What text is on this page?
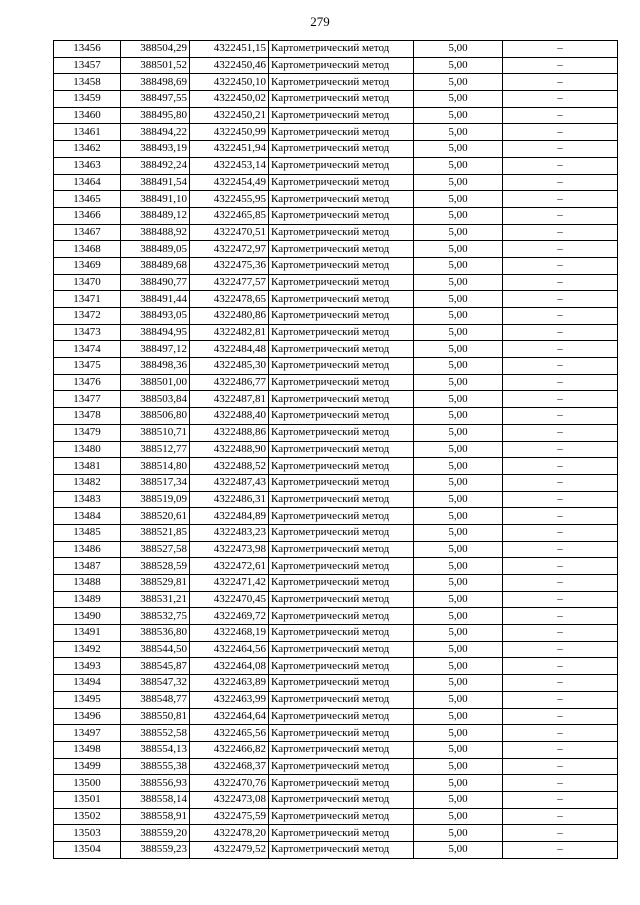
279
13456	388504,29	4322451,15	Картометрический метод	5,00	–
13457	388501,52	4322450,46	Картометрический метод	5,00	–
13458	388498,69	4322450,10	Картометрический метод	5,00	–
13459	388497,55	4322450,02	Картометрический метод	5,00	–
13460	388495,80	4322450,21	Картометрический метод	5,00	–
13461	388494,22	4322450,99	Картометрический метод	5,00	–
13462	388493,19	4322451,94	Картометрический метод	5,00	–
13463	388492,24	4322453,14	Картометрический метод	5,00	–
13464	388491,54	4322454,49	Картометрический метод	5,00	–
13465	388491,10	4322455,95	Картометрический метод	5,00	–
13466	388489,12	4322465,85	Картометрический метод	5,00	–
13467	388488,92	4322470,51	Картометрический метод	5,00	–
13468	388489,05	4322472,97	Картометрический метод	5,00	–
13469	388489,68	4322475,36	Картометрический метод	5,00	–
13470	388490,77	4322477,57	Картометрический метод	5,00	–
13471	388491,44	4322478,65	Картометрический метод	5,00	–
13472	388493,05	4322480,86	Картометрический метод	5,00	–
13473	388494,95	4322482,81	Картометрический метод	5,00	–
13474	388497,12	4322484,48	Картометрический метод	5,00	–
13475	388498,36	4322485,30	Картометрический метод	5,00	–
13476	388501,00	4322486,77	Картометрический метод	5,00	–
13477	388503,84	4322487,81	Картометрический метод	5,00	–
13478	388506,80	4322488,40	Картометрический метод	5,00	–
13479	388510,71	4322488,86	Картометрический метод	5,00	–
13480	388512,77	4322488,90	Картометрический метод	5,00	–
13481	388514,80	4322488,52	Картометрический метод	5,00	–
13482	388517,34	4322487,43	Картометрический метод	5,00	–
13483	388519,09	4322486,31	Картометрический метод	5,00	–
13484	388520,61	4322484,89	Картометрический метод	5,00	–
13485	388521,85	4322483,23	Картометрический метод	5,00	–
13486	388527,58	4322473,98	Картометрический метод	5,00	–
13487	388528,59	4322472,61	Картометрический метод	5,00	–
13488	388529,81	4322471,42	Картометрический метод	5,00	–
13489	388531,21	4322470,45	Картометрический метод	5,00	–
13490	388532,75	4322469,72	Картометрический метод	5,00	–
13491	388536,80	4322468,19	Картометрический метод	5,00	–
13492	388544,50	4322464,56	Картометрический метод	5,00	–
13493	388545,87	4322464,08	Картометрический метод	5,00	–
13494	388547,32	4322463,89	Картометрический метод	5,00	–
13495	388548,77	4322463,99	Картометрический метод	5,00	–
13496	388550,81	4322464,64	Картометрический метод	5,00	–
13497	388552,58	4322465,56	Картометрический метод	5,00	–
13498	388554,13	4322466,82	Картометрический метод	5,00	–
13499	388555,38	4322468,37	Картометрический метод	5,00	–
13500	388556,93	4322470,76	Картометрический метод	5,00	–
13501	388558,14	4322473,08	Картометрический метод	5,00	–
13502	388558,91	4322475,59	Картометрический метод	5,00	–
13503	388559,20	4322478,20	Картометрический метод	5,00	–
13504	388559,23	4322479,52	Картометрический метод	5,00	–
